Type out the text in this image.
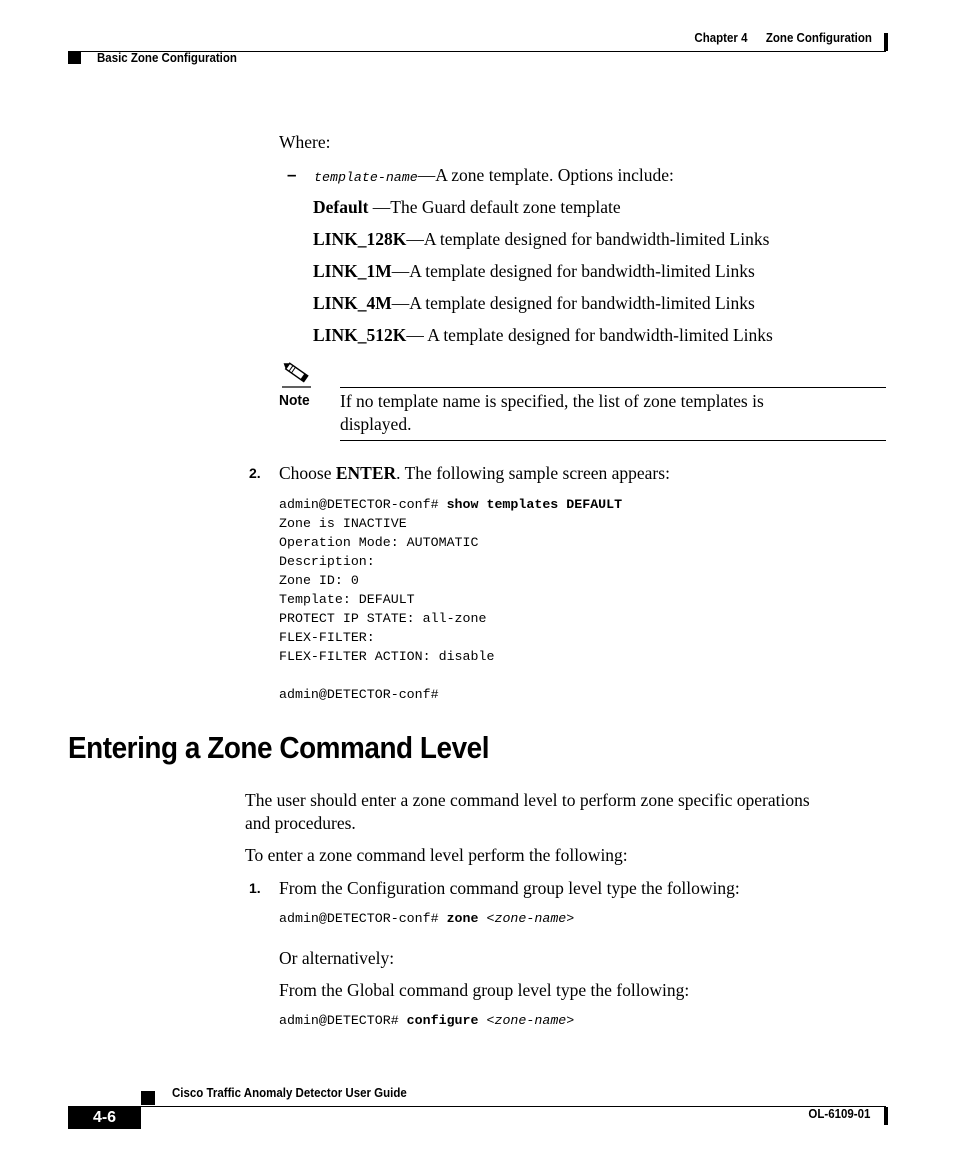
Chapter 4 Zone Configuration
Basic Zone Configuration
Where:
– template-name—A zone template. Options include:
Default —The Guard default zone template
LINK_128K—A template designed for bandwidth-limited Links
LINK_1M—A template designed for bandwidth-limited Links
LINK_4M—A template designed for bandwidth-limited Links
LINK_512K— A template designed for bandwidth-limited Links
Note If no template name is specified, the list of zone templates is
displayed.
2. Choose ENTER. The following sample screen appears:
admin@DETECTOR-conf# show templates DEFAULT
Zone is INACTIVE
Operation Mode: AUTOMATIC
Description:
Zone ID: 0
Template: DEFAULT
PROTECT IP STATE: all-zone
FLEX-FILTER:
FLEX-FILTER ACTION: disable
admin@DETECTOR-conf#
Entering a Zone Command Level
The user should enter a zone command level to perform zone specific operations
and procedures.
To enter a zone command level perform the following:
1. From the Configuration command group level type the following:
admin@DETECTOR-conf# zone <zone-name>
Or alternatively:
From the Global command group level type the following:
admin@DETECTOR# configure <zone-name>
Cisco Traffic Anomaly Detector User Guide
4-6	OL-6109-01
